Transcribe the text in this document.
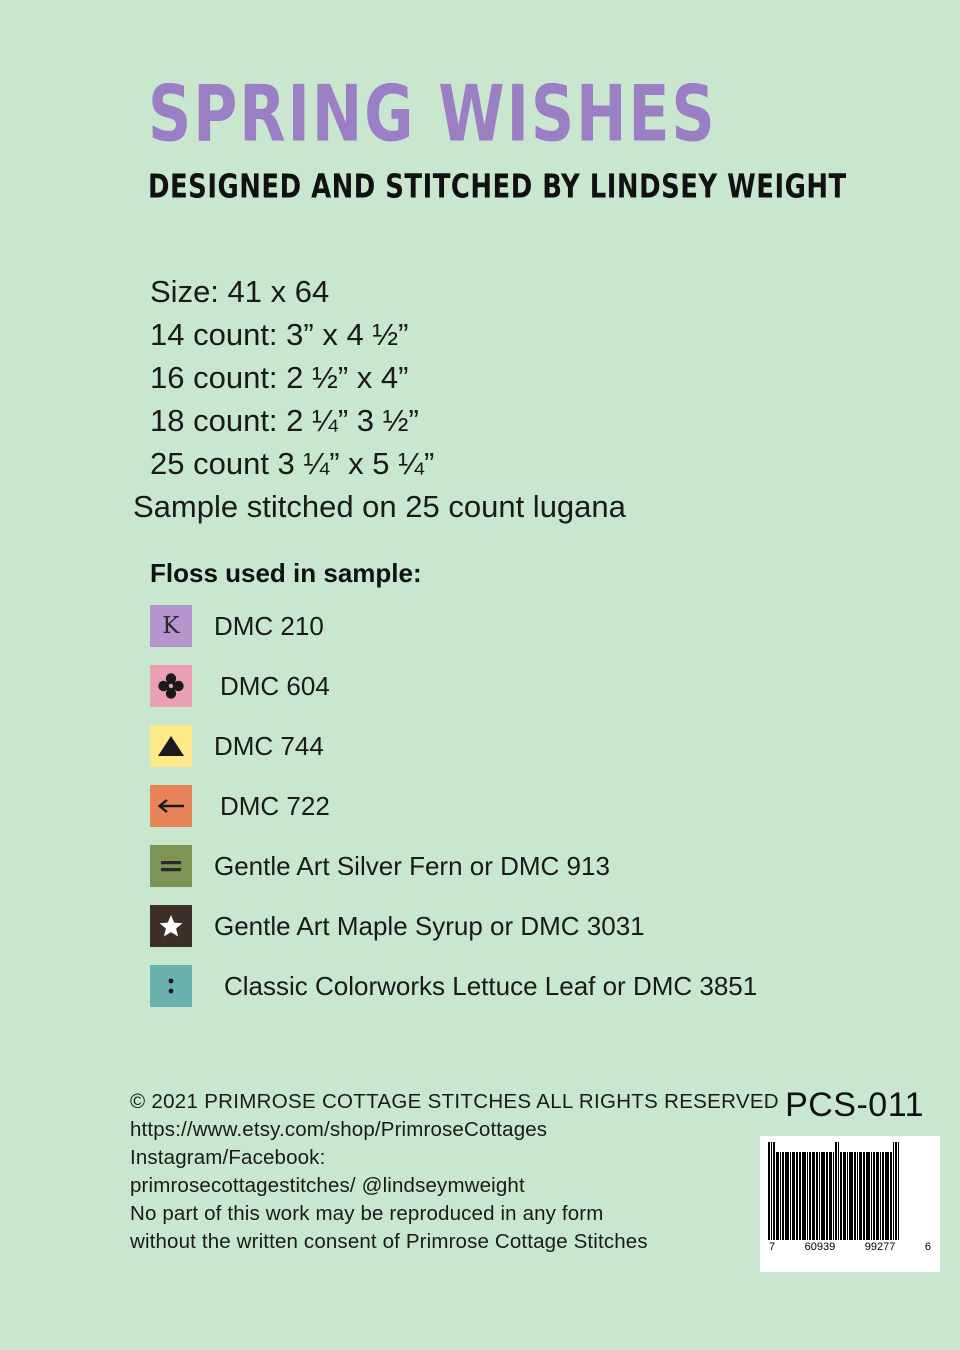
SPRING WISHES
DESIGNED AND STITCHED BY LINDSEY WEIGHT
Size: 41 x 64
14 count: 3” x 4 ½”
16 count: 2 ½” x 4”
18 count: 2 ¼” 3 ½”
25 count 3 ¼” x 5 ¼”
Sample stitched on 25 count lugana
Floss used in sample:
K DMC 210
DMC 604
DMC 744
DMC 722
Gentle Art Silver Fern or DMC 913
Gentle Art Maple Syrup or DMC 3031
Classic Colorworks Lettuce Leaf or DMC 3851
© 2021 PRIMROSE COTTAGE STITCHES ALL RIGHTS RESERVED
https://www.etsy.com/shop/PrimroseCottages
Instagram/Facebook:
primrosecottagestitches/ @lindseymweight
No part of this work may be reproduced in any form
without the written consent of Primrose Cottage Stitches
PCS-011
7	60939	99277	6
